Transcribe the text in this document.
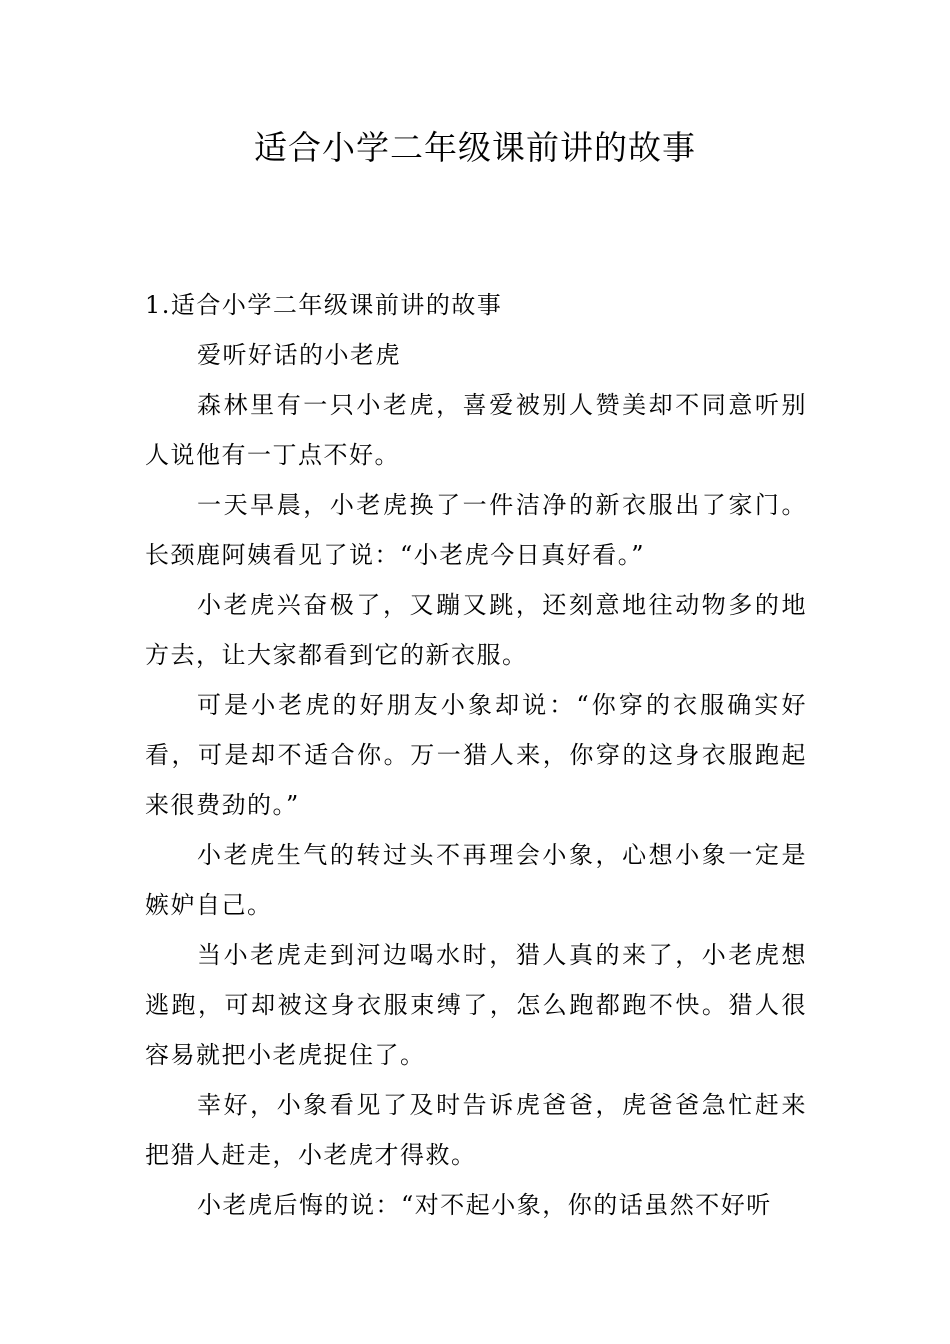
适合小学二年级课前讲的故事
1.适合小学二年级课前讲的故事

爱听好话的小老虎

森林里有一只小老虎，喜爱被别人赞美却不同意听别人说他有一丁点不好。

一天早晨，小老虎换了一件洁净的新衣服出了家门。长颈鹿阿姨看见了说：“小老虎今日真好看。”

小老虎兴奋极了，又蹦又跳，还刻意地往动物多的地方去，让大家都看到它的新衣服。

可是小老虎的好朋友小象却说：“你穿的衣服确实好看，可是却不适合你。万一猎人来，你穿的这身衣服跑起来很费劲的。”

小老虎生气的转过头不再理会小象，心想小象一定是嫉妒自己。

当小老虎走到河边喝水时，猎人真的来了，小老虎想逃跑，可却被这身衣服束缚了，怎么跑都跑不快。猎人很容易就把小老虎捉住了。

幸好，小象看见了及时告诉虎爸爸，虎爸爸急忙赶来把猎人赶走，小老虎才得救。

小老虎后悔的说：“对不起小象，你的话虽然不好听
